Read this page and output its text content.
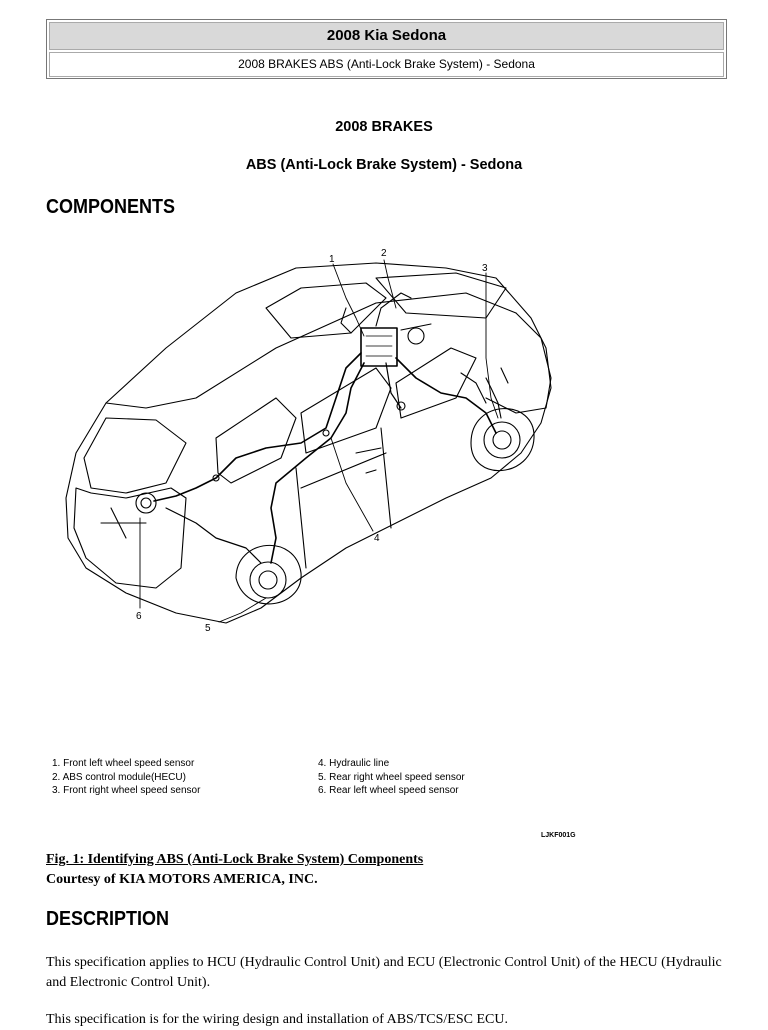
2008 Kia Sedona
2008 BRAKES ABS (Anti-Lock Brake System) - Sedona
2008 BRAKES
ABS (Anti-Lock Brake System) - Sedona
COMPONENTS
1
2
3
4
5
6
1. Front left wheel speed sensor
2. ABS control module(HECU)
3. Front right wheel speed sensor
4. Hydraulic line
5. Rear right wheel speed sensor
6. Rear left wheel speed sensor
LJKF001G
Fig. 1: Identifying ABS (Anti-Lock Brake System) Components
Courtesy of KIA MOTORS AMERICA, INC.
DESCRIPTION
This specification applies to HCU (Hydraulic Control Unit) and ECU (Electronic Control Unit) of the HECU (Hydraulic and Electronic Control Unit).
This specification is for the wiring design and installation of ABS/TCS/ESC ECU.
